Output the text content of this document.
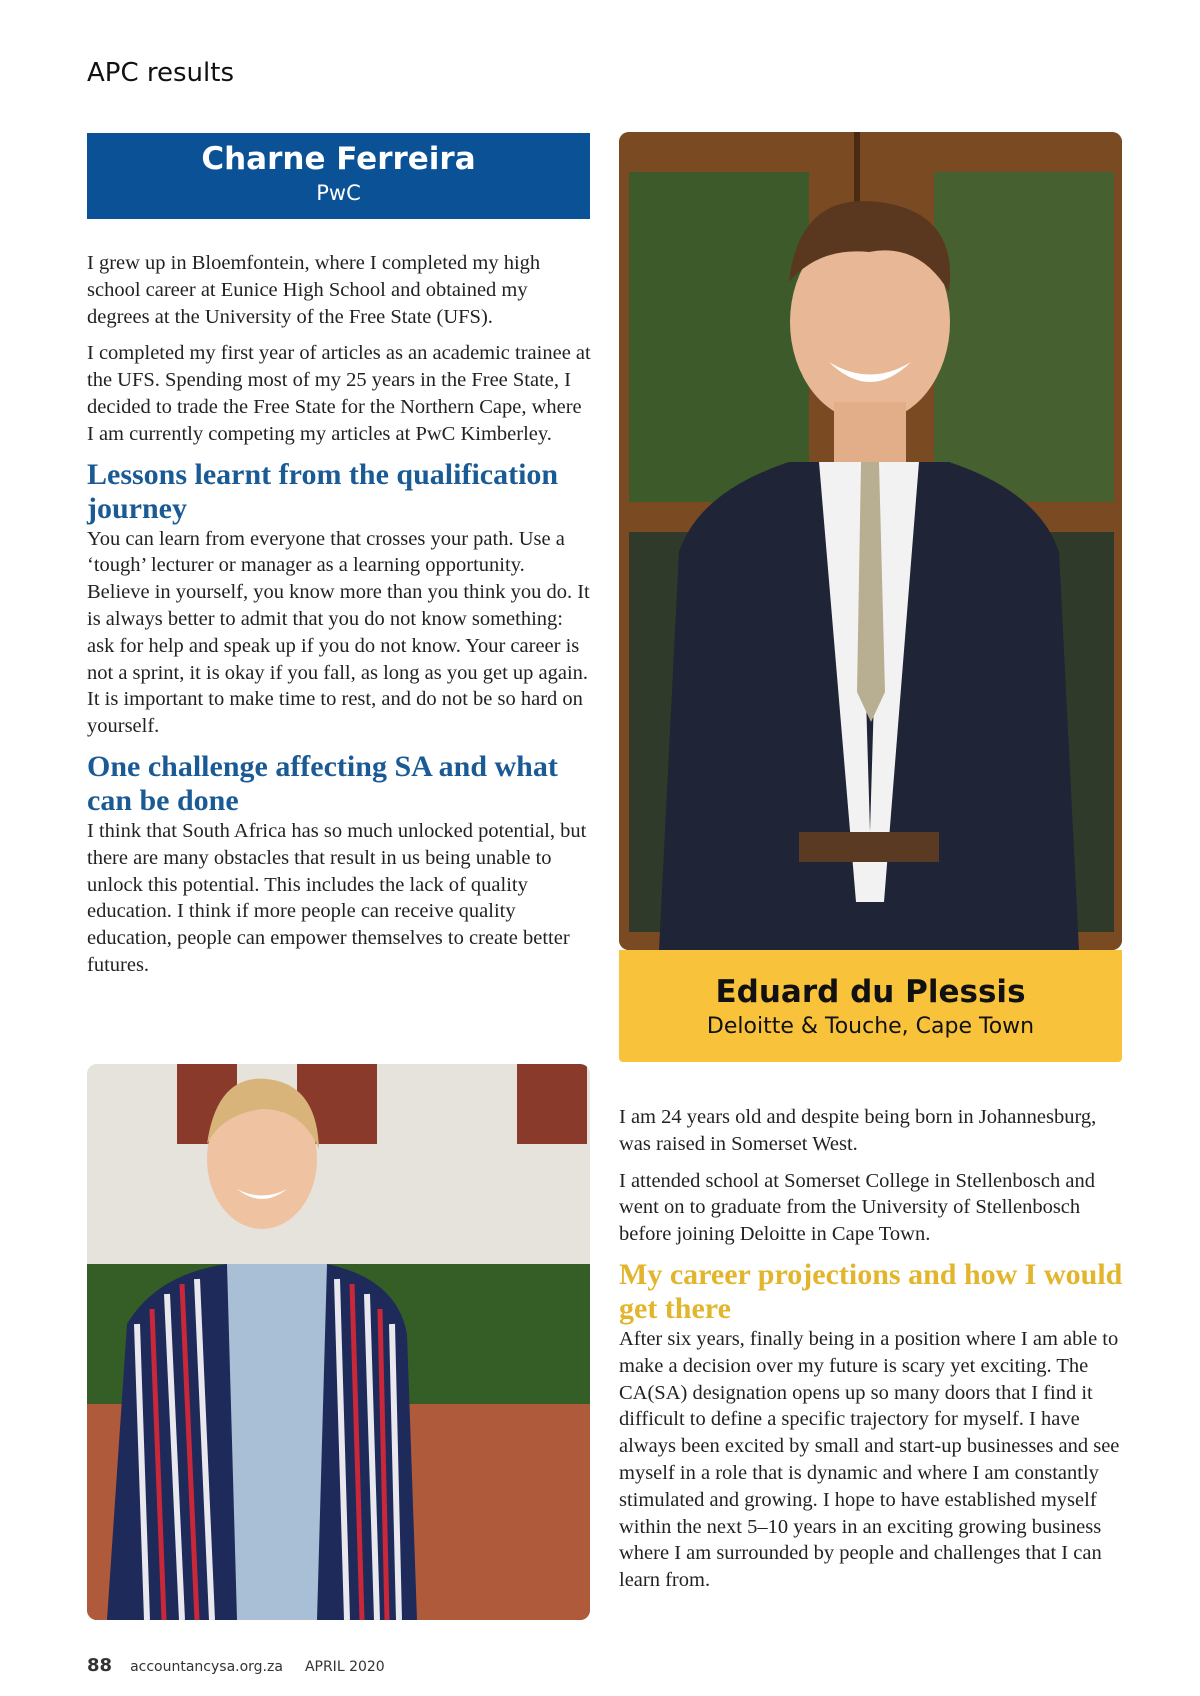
APC results
Charne Ferreira
PwC

I grew up in Bloemfontein, where I completed my high school career at Eunice High School and obtained my degrees at the University of the Free State (UFS).

I completed my first year of articles as an academic trainee at the UFS. Spending most of my 25 years in the Free State, I decided to trade the Free State for the Northern Cape, where I am currently competing my articles at PwC Kimberley.

Lessons learnt from the qualification journey

You can learn from everyone that crosses your path. Use a ‘tough’ lecturer or manager as a learning opportunity. Believe in yourself, you know more than you think you do. It is always better to admit that you do not know something: ask for help and speak up if you do not know. Your career is not a sprint, it is okay if you fall, as long as you get up again. It is important to make time to rest, and do not be so hard on yourself.

One challenge affecting SA and what can be done

I think that South Africa has so much unlocked potential, but there are many obstacles that result in us being unable to unlock this potential. This includes the lack of quality education. I think if more people can receive quality education, people can empower themselves to create better futures.

Eduard du Plessis
Deloitte & Touche, Cape Town

I am 24 years old and despite being born in Johannesburg, was raised in Somerset West.

I attended school at Somerset College in Stellenbosch and went on to graduate from the University of Stellenbosch before joining Deloitte in Cape Town.

My career projections and how I would get there

After six years, finally being in a position where I am able to make a decision over my future is scary yet exciting. The CA(SA) designation opens up so many doors that I find it difficult to define a specific trajectory for myself. I have always been excited by small and start-up businesses and see myself in a role that is dynamic and where I am constantly stimulated and growing. I hope to have established myself within the next 5–10 years in an exciting growing business where I am surrounded by people and challenges that I can learn from.

88 accountancysa.org.za APRIL 2020
